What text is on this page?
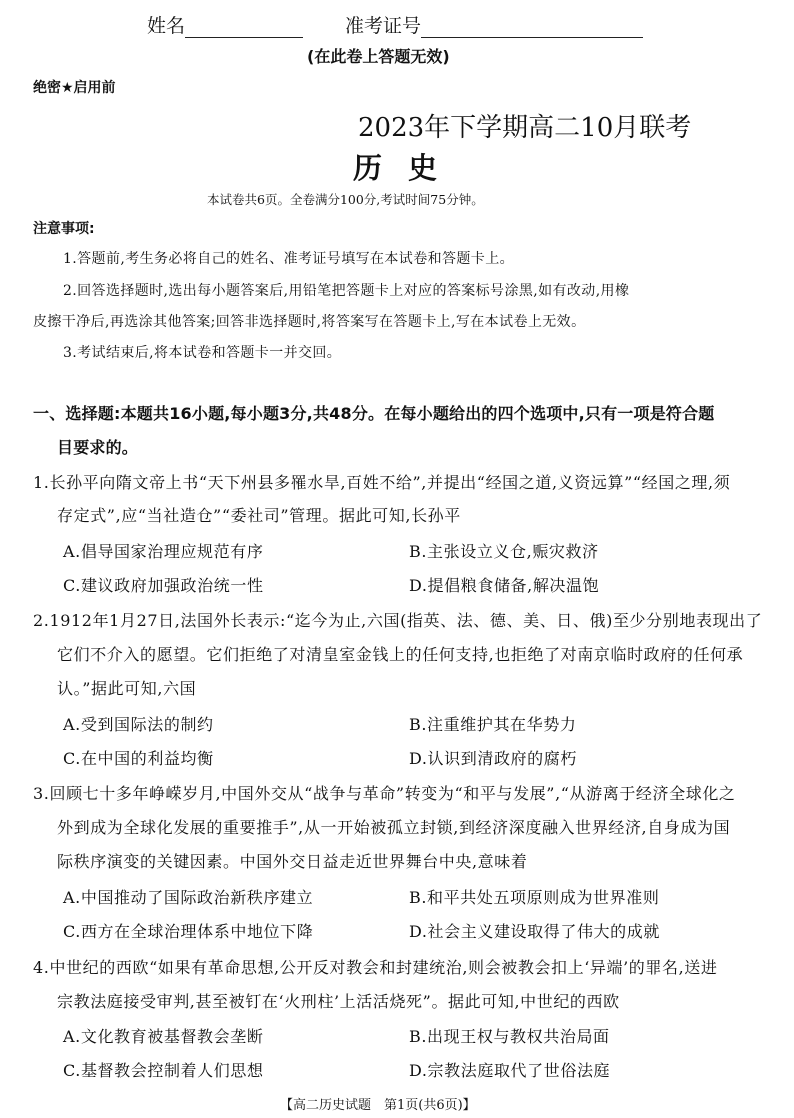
姓名	准考证号
(在此卷上答题无效)
绝密★启用前
2023年下学期高二10月联考
历史
本试卷共6页。全卷满分100分,考试时间75分钟。
注意事项:
1.答题前,考生务必将自己的姓名、准考证号填写在本试卷和答题卡上。
2.回答选择题时,选出每小题答案后,用铅笔把答题卡上对应的答案标号涂黑,如有改动,用橡
皮擦干净后,再选涂其他答案;回答非选择题时,将答案写在答题卡上,写在本试卷上无效。
3.考试结束后,将本试卷和答题卡一并交回。
一、选择题:本题共16小题,每小题3分,共48分。在每小题给出的四个选项中,只有一项是符合题
目要求的。
1.长孙平向隋文帝上书“天下州县多罹水旱,百姓不给”,并提出“经国之道,义资远算”“经国之理,须
存定式”,应“当社造仓”“委社司”管理。据此可知,长孙平
A.倡导国家治理应规范有序	B.主张设立义仓,赈灾救济
C.建议政府加强政治统一性	D.提倡粮食储备,解决温饱
2.1912年1月27日,法国外长表示:“迄今为止,六国(指英、法、德、美、日、俄)至少分别地表现出了
它们不介入的愿望。它们拒绝了对清皇室金钱上的任何支持,也拒绝了对南京临时政府的任何承
认。”据此可知,六国
A.受到国际法的制约	B.注重维护其在华势力
C.在中国的利益均衡	D.认识到清政府的腐朽
3.回顾七十多年峥嵘岁月,中国外交从“战争与革命”转变为“和平与发展”,“从游离于经济全球化之
外到成为全球化发展的重要推手”,从一开始被孤立封锁,到经济深度融入世界经济,自身成为国
际秩序演变的关键因素。中国外交日益走近世界舞台中央,意味着
A.中国推动了国际政治新秩序建立	B.和平共处五项原则成为世界准则
C.西方在全球治理体系中地位下降	D.社会主义建设取得了伟大的成就
4.中世纪的西欧“如果有革命思想,公开反对教会和封建统治,则会被教会扣上‘异端’的罪名,送进
宗教法庭接受审判,甚至被钉在‘火刑柱’上活活烧死”。据此可知,中世纪的西欧
A.文化教育被基督教会垄断	B.出现王权与教权共治局面
C.基督教会控制着人们思想	D.宗教法庭取代了世俗法庭
【高二历史试题　第1页(共6页)】
